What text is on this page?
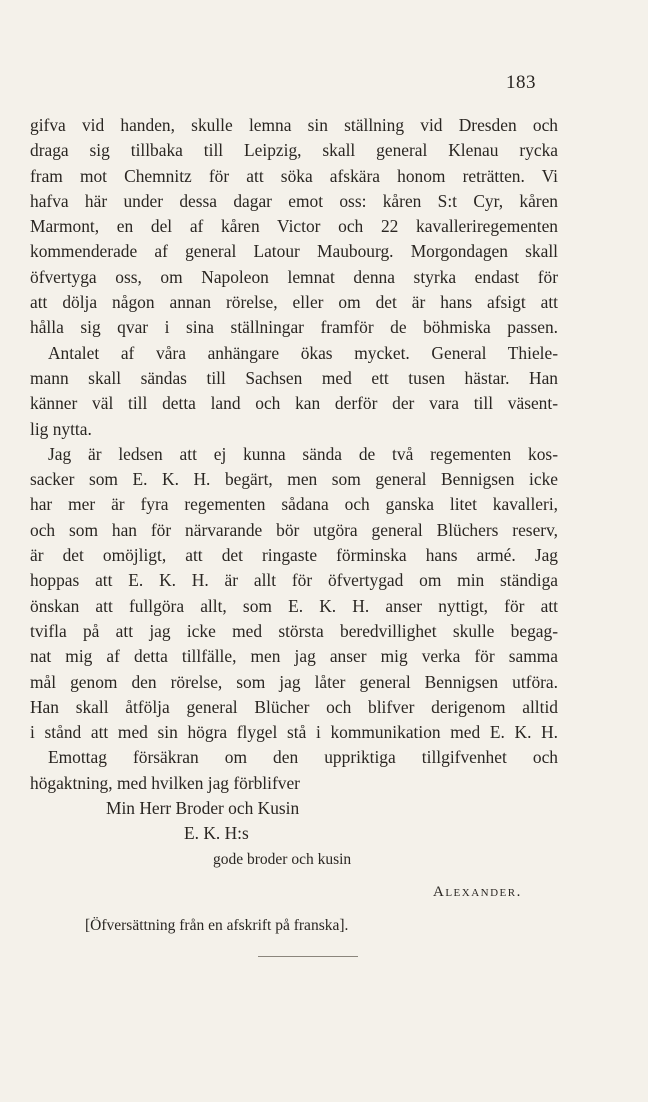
183
gifva vid handen, skulle lemna sin ställning vid Dresden och
draga sig tillbaka till Leipzig, skall general Klenau rycka
fram mot Chemnitz för att söka afskära honom reträtten. Vi
hafva här under dessa dagar emot oss: kåren S:t Cyr, kåren
Marmont, en del af kåren Victor och 22 kavalleriregementen
kommenderade af general Latour Maubourg. Morgondagen skall
öfvertyga oss, om Napoleon lemnat denna styrka endast för
att dölja någon annan rörelse, eller om det är hans afsigt att
hålla sig qvar i sina ställningar framför de böhmiska passen.
Antalet af våra anhängare ökas mycket. General Thiele-
mann skall sändas till Sachsen med ett tusen hästar. Han
känner väl till detta land och kan derför der vara till väsent-
lig nytta.
Jag är ledsen att ej kunna sända de två regementen kos-
sacker som E. K. H. begärt, men som general Bennigsen icke
har mer är fyra regementen sådana och ganska litet kavalleri,
och som han för närvarande bör utgöra general Blüchers reserv,
är det omöjligt, att det ringaste förminska hans armé. Jag
hoppas att E. K. H. är allt för öfvertygad om min ständiga
önskan att fullgöra allt, som E. K. H. anser nyttigt, för att
tvifla på att jag icke med största beredvillighet skulle begag-
nat mig af detta tillfälle, men jag anser mig verka för samma
mål genom den rörelse, som jag låter general Bennigsen utföra.
Han skall åtfölja general Blücher och blifver derigenom alltid
i stånd att med sin högra flygel stå i kommunikation med E. K. H.
Emottag försäkran om den uppriktiga tillgifvenhet och
högaktning, med hvilken jag förblifver
Min Herr Broder och Kusin
E. K. H:s
gode broder och kusin
Alexander.
[Öfversättning från en afskrift på franska].
